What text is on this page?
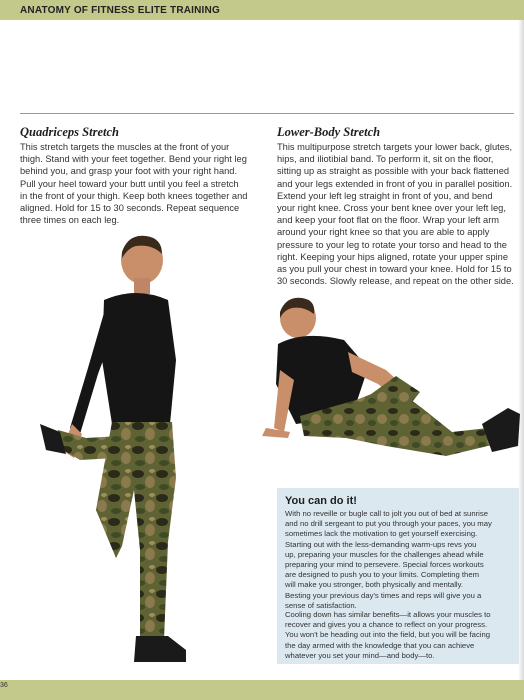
ANATOMY OF FITNESS ELITE TRAINING
Quadriceps Stretch
This stretch targets the muscles at the front of your
thigh. Stand with your feet together. Bend your right leg
behind you, and grasp your foot with your right hand.
Pull your heel toward your butt until you feel a stretch
in the front of your thigh. Keep both knees together and
aligned. Hold for 15 to 30 seconds. Repeat sequence
three times on each leg.
Lower-Body Stretch
This multipurpose stretch targets your lower back, glutes,
hips, and iliotibial band. To perform it, sit on the floor,
sitting up as straight as possible with your back flattened
and your legs extended in front of you in parallel position.
Extend your left leg straight in front of you, and bend
your right knee. Cross your bent knee over your left leg,
and keep your foot flat on the floor. Wrap your left arm
around your right knee so that you are able to apply
pressure to your leg to rotate your torso and head to the
right. Keeping your hips aligned, rotate your upper spine
as you pull your chest in toward your knee. Hold for 15 to
30 seconds. Slowly release, and repeat on the other side.
You can do it!
With no reveille or bugle call to jolt you out of bed at sunrise
and no drill sergeant to put you through your paces, you may
sometimes lack the motivation to get yourself exercising.
Starting out with the less-demanding warm-ups revs you
up, preparing your muscles for the challenges ahead while
preparing your mind to persevere. Special forces workouts
are designed to push you to your limits. Completing them
will make you stronger, both physically and mentally.
Besting your previous day's times and reps will give you a
sense of satisfaction.
Cooling down has similar benefits—it allows your muscles to
recover and gives you a chance to reflect on your progress.
You won't be heading out into the field, but you will be facing
the day armed with the knowledge that you can achieve
whatever you set your mind—and body—to.
36
